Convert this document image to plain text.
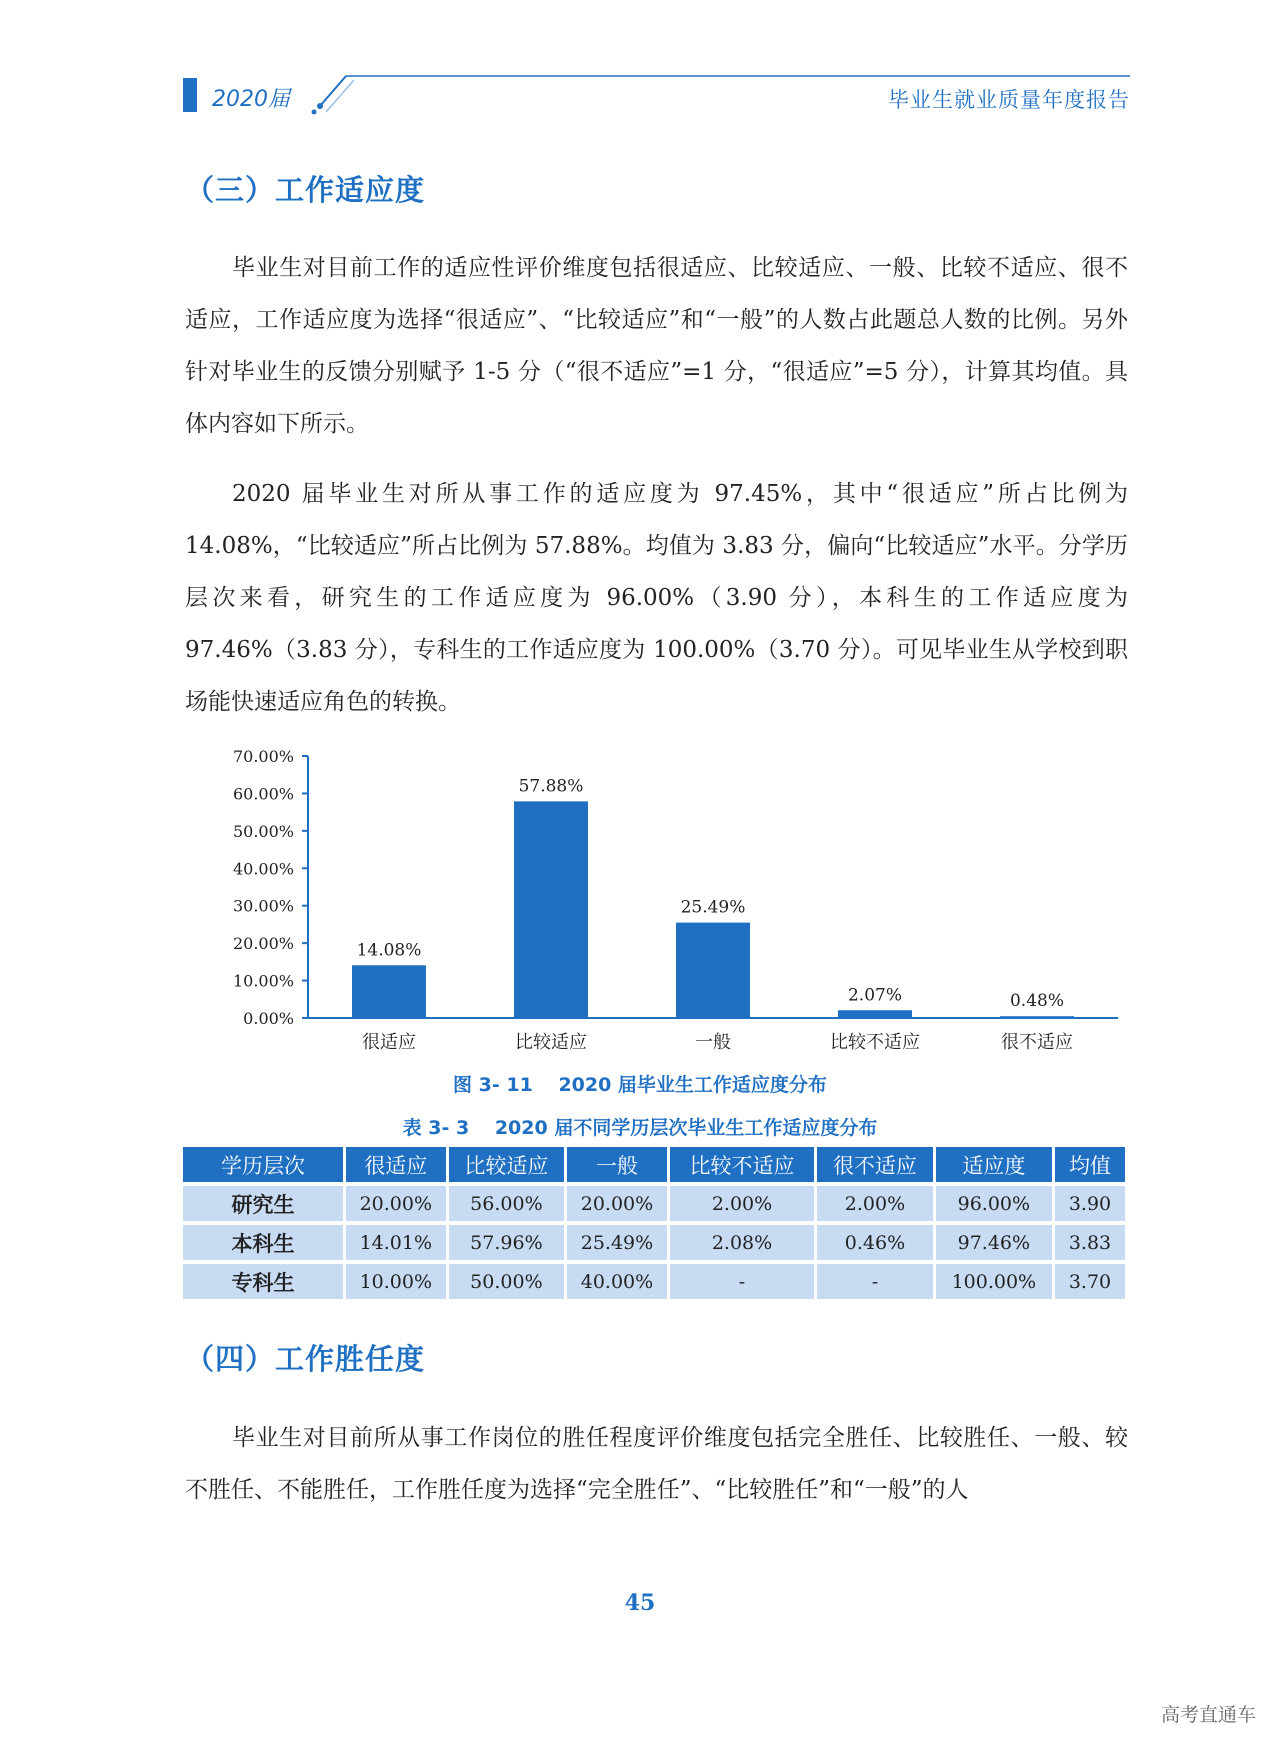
2020届	毕业生就业质量年度报告
（三）工作适应度

毕业生对目前工作的适应性评价维度包括很适应、比较适应、一般、比较不适应、很不适应，工作适应度为选择“很适应”、“比较适应”和“一般”的人数占此题总人数的比例。另外针对毕业生的反馈分别赋予 1-5 分（“很不适应”=1 分，“很适应”=5 分），计算其均值。具体内容如下所示。

2020 届毕业生对所从事工作的适应度为 97.45%，其中“很适应”所占比例为 14.08%，“比较适应”所占比例为 57.88%。均值为 3.83 分，偏向“比较适应”水平。分学历层次来看，研究生的工作适应度为 96.00%（3.90 分），本科生的工作适应度为 97.46%（3.83 分），专科生的工作适应度为 100.00%（3.70 分）。可见毕业生从学校到职场能快速适应角色的转换。

0.00%
10.00%
20.00%
30.00%
40.00%
50.00%
60.00%
70.00%
14.08%
很适应
57.88%
比较适应
25.49%
一般
2.07%
比较不适应
0.48%
很不适应
图 3- 11　 2020 届毕业生工作适应度分布
表 3- 3　 2020 届不同学历层次毕业生工作适应度分布
学历层次	很适应	比较适应	一般	比较不适应	很不适应	适应度	均值
研究生	20.00%	56.00%	20.00%	2.00%	2.00%	96.00%	3.90
本科生	14.01%	57.96%	25.49%	2.08%	0.46%	97.46%	3.83
专科生	10.00%	50.00%	40.00%	-	-	100.00%	3.70
（四）工作胜任度

毕业生对目前所从事工作岗位的胜任程度评价维度包括完全胜任、比较胜任、一般、较不胜任、不能胜任，工作胜任度为选择“完全胜任”、“比较胜任”和“一般”的人

45
高考直通车
